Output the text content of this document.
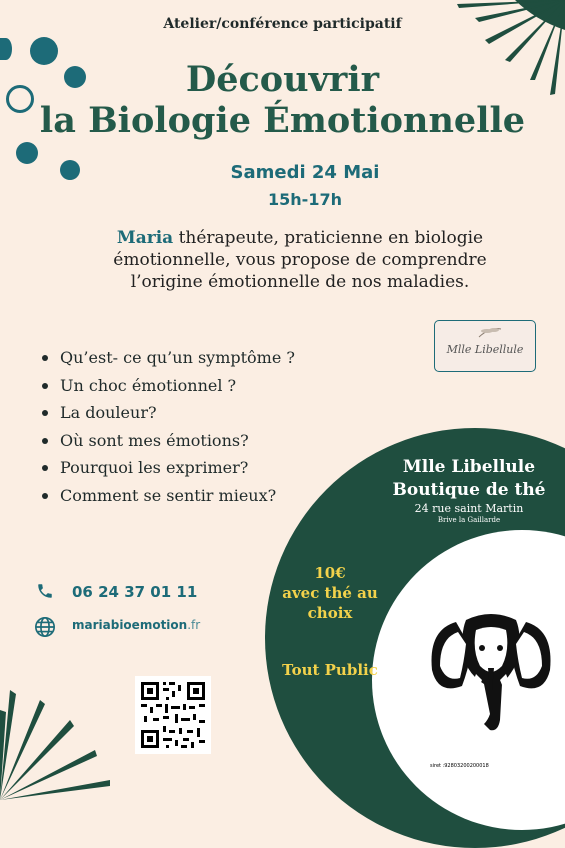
Atelier/conférence participatif
Découvrir
la Biologie Émotionnelle
Samedi 24 Mai
15h-17h
Maria thérapeute, praticienne en biologie émotionnelle, vous propose de comprendre l’origine émotionnelle de nos maladies.
Mlle Libellule
Qu’est- ce qu’un symptôme ?
Un choc émotionnel ?
La douleur?
Où sont mes émotions?
Pourquoi les exprimer?
Comment se sentir mieux?
Mlle Libellule
Boutique de thé
24 rue saint Martin
Brive la Gaillarde
10€
avec thé au
choix
Tout Public
06 24 37 01 11
mariabioemotion.fr
siret :92803200200018
